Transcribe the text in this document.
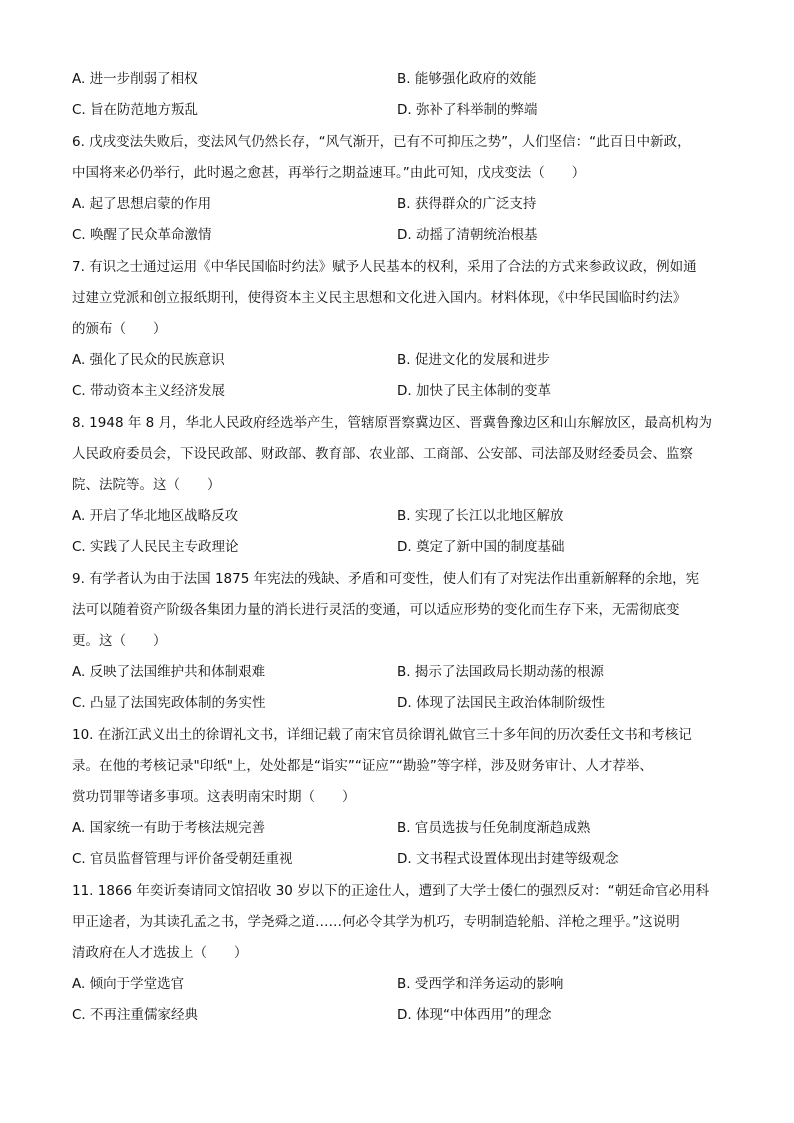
A. 进一步削弱了相权	B. 能够强化政府的效能
C. 旨在防范地方叛乱	D. 弥补了科举制的弊端
6. 戊戌变法失败后，变法风气仍然长存，“风气渐开，已有不可抑压之势”，人们坚信：“此百日中新政，
中国将来必仍举行，此时遏之愈甚，再举行之期益速耳。”由此可知，戊戌变法（　　）
A. 起了思想启蒙的作用	B. 获得群众的广泛支持
C. 唤醒了民众革命激情	D. 动摇了清朝统治根基
7. 有识之士通过运用《中华民国临时约法》赋予人民基本的权利，采用了合法的方式来参政议政，例如通
过建立党派和创立报纸期刊，使得资本主义民主思想和文化进入国内。材料体现，《中华民国临时约法》
的颁布（　　）
A. 强化了民众的民族意识	B. 促进文化的发展和进步
C. 带动资本主义经济发展	D. 加快了民主体制的变革
8. 1948 年 8 月，华北人民政府经选举产生，管辖原晋察冀边区、晋冀鲁豫边区和山东解放区，最高机构为
人民政府委员会，下设民政部、财政部、教育部、农业部、工商部、公安部、司法部及财经委员会、监察
院、法院等。这（　　）
A. 开启了华北地区战略反攻	B. 实现了长江以北地区解放
C. 实践了人民民主专政理论	D. 奠定了新中国的制度基础
9. 有学者认为由于法国 1875 年宪法的残缺、矛盾和可变性，使人们有了对宪法作出重新解释的余地，宪
法可以随着资产阶级各集团力量的消长进行灵活的变通，可以适应形势的变化而生存下来，无需彻底变
更。这（　　）
A. 反映了法国维护共和体制艰难	B. 揭示了法国政局长期动荡的根源
C. 凸显了法国宪政体制的务实性	D. 体现了法国民主政治体制阶级性
10. 在浙江武义出土的徐谓礼文书，详细记载了南宋官员徐谓礼做官三十多年间的历次委任文书和考核记
录。在他的考核记录"印纸"上，处处都是“诣实”“证应”“勘验”等字样，涉及财务审计、人才荐举、
赏功罚罪等诸多事项。这表明南宋时期（　　）
A. 国家统一有助于考核法规完善	B. 官员选拔与任免制度渐趋成熟
C. 官员监督管理与评价备受朝廷重视	D. 文书程式设置体现出封建等级观念
11. 1866 年奕䜣奏请同文馆招收 30 岁以下的正途仕人，遭到了大学士倭仁的强烈反对：“朝廷命官必用科
甲正途者，为其读孔孟之书，学尧舜之道……何必令其学为机巧，专明制造轮船、洋枪之理乎。”这说明
清政府在人才选拔上（　　）
A. 倾向于学堂选官	B. 受西学和洋务运动的影响
C. 不再注重儒家经典	D. 体现“中体西用”的理念
